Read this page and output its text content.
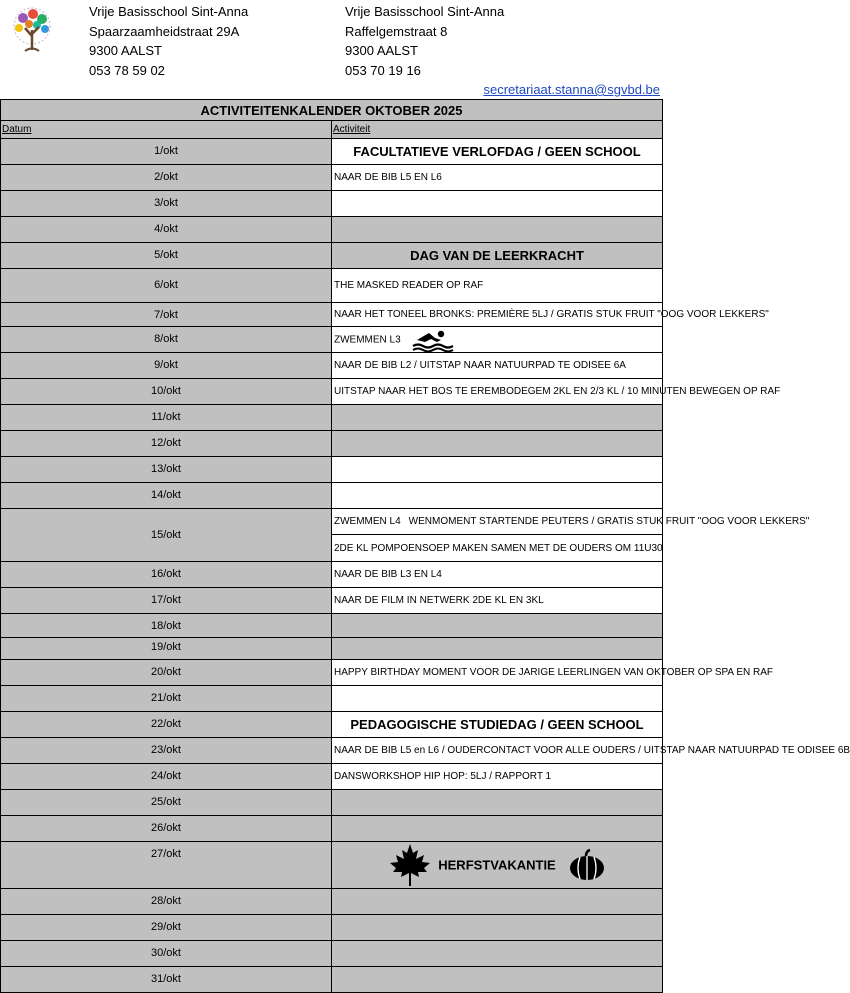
Vrije Basisschool Sint-Anna
Spaarzaamheidstraat 29A
9300 AALST
053 78 59 02
Vrije Basisschool Sint-Anna
Raffelgemstraat 8
9300 AALST
053 70 19 16
secretariaat.stanna@sgvbd.be
ACTIVITEITENKALENDER OKTOBER 2025	
Datum	Activiteit
1/okt	FACULTATIEVE VERLOFDAG / GEEN SCHOOL
2/okt	NAAR DE BIB L5 EN L6
3/okt	
4/okt	
5/okt	DAG VAN DE LEERKRACHT
6/okt	THE MASKED READER OP RAF
7/okt	NAAR HET TONEEL BRONKS: PREMIÈRE 5LJ / GRATIS STUK FRUIT "OOG VOOR LEKKERS"
8/okt	ZWEMMEN L3
9/okt	NAAR DE BIB L2 / UITSTAP NAAR NATUURPAD TE ODISEE 6A
10/okt	UITSTAP NAAR HET BOS TE EREMBODEGEM 2KL EN 2/3 KL / 10 MINUTEN BEWEGEN OP RAF
11/okt	
12/okt	
13/okt	
14/okt	
15/okt	ZWEMMEN L4 WENMOMENT STARTENDE PEUTERS / GRATIS STUK FRUIT "OOG VOOR LEKKERS"
2DE KL POMPOENSOEP MAKEN SAMEN MET DE OUDERS OM 11U30

16/okt	NAAR DE BIB L3 EN L4
17/okt	NAAR DE FILM IN NETWERK 2DE KL EN 3KL
18/okt	
19/okt	
20/okt	HAPPY BIRTHDAY MOMENT VOOR DE JARIGE LEERLINGEN VAN OKTOBER OP SPA EN RAF
21/okt	
22/okt	PEDAGOGISCHE STUDIEDAG / GEEN SCHOOL
23/okt	NAAR DE BIB L5 en L6 / OUDERCONTACT VOOR ALLE OUDERS / UITSTAP NAAR NATUURPAD TE ODISEE 6B
24/okt	DANSWORKSHOP HIP HOP: 5LJ / RAPPORT 1
25/okt	
26/okt	
27/okt	HERFSTVAKANTIE
28/okt	
29/okt	
30/okt	
31/okt	
